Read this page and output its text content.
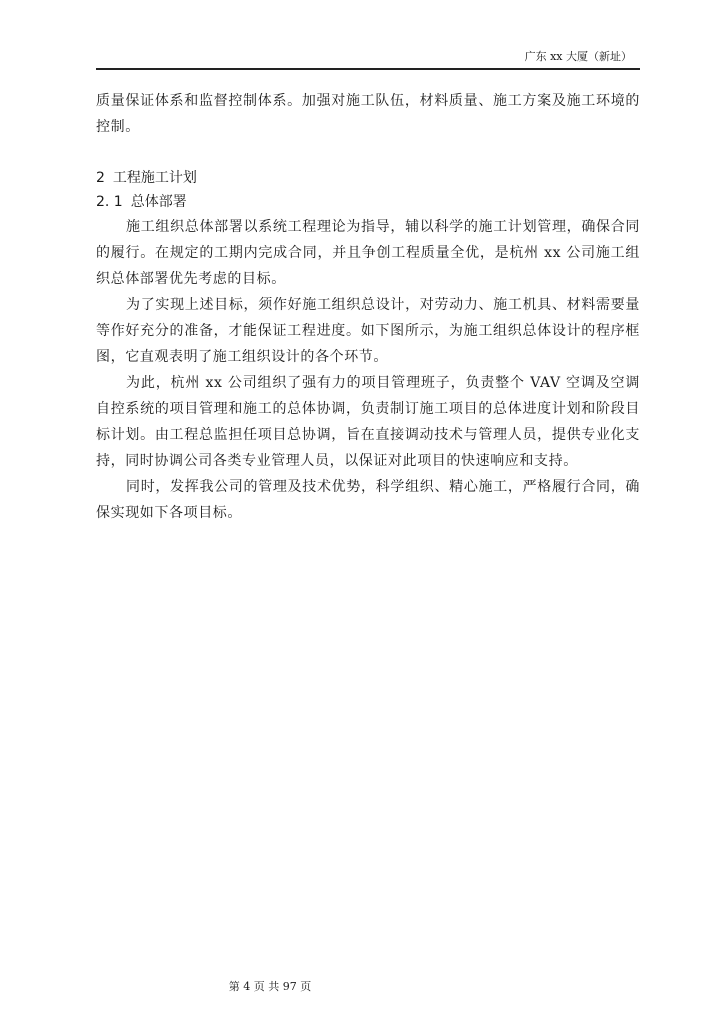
广东 xx 大厦（新址）

质量保证体系和监督控制体系。加强对施工队伍，材料质量、施工方案及施工环境的控制。

2 工程施工计划
2. 1 总体部署

施工组织总体部署以系统工程理论为指导，辅以科学的施工计划管理，确保合同的履行。在规定的工期内完成合同，并且争创工程质量全优，是杭州 xx 公司施工组织总体部署优先考虑的目标。

为了实现上述目标，须作好施工组织总设计，对劳动力、施工机具、材料需要量等作好充分的准备，才能保证工程进度。如下图所示，为施工组织总体设计的程序框图，它直观表明了施工组织设计的各个环节。

为此，杭州 xx 公司组织了强有力的项目管理班子，负责整个 VAV 空调及空调自控系统的项目管理和施工的总体协调，负责制订施工项目的总体进度计划和阶段目标计划。由工程总监担任项目总协调，旨在直接调动技术与管理人员，提供专业化支持，同时协调公司各类专业管理人员，以保证对此项目的快速响应和支持。

同时，发挥我公司的管理及技术优势，科学组织、精心施工，严格履行合同，确保实现如下各项目标。

第 4 页 共 97 页
